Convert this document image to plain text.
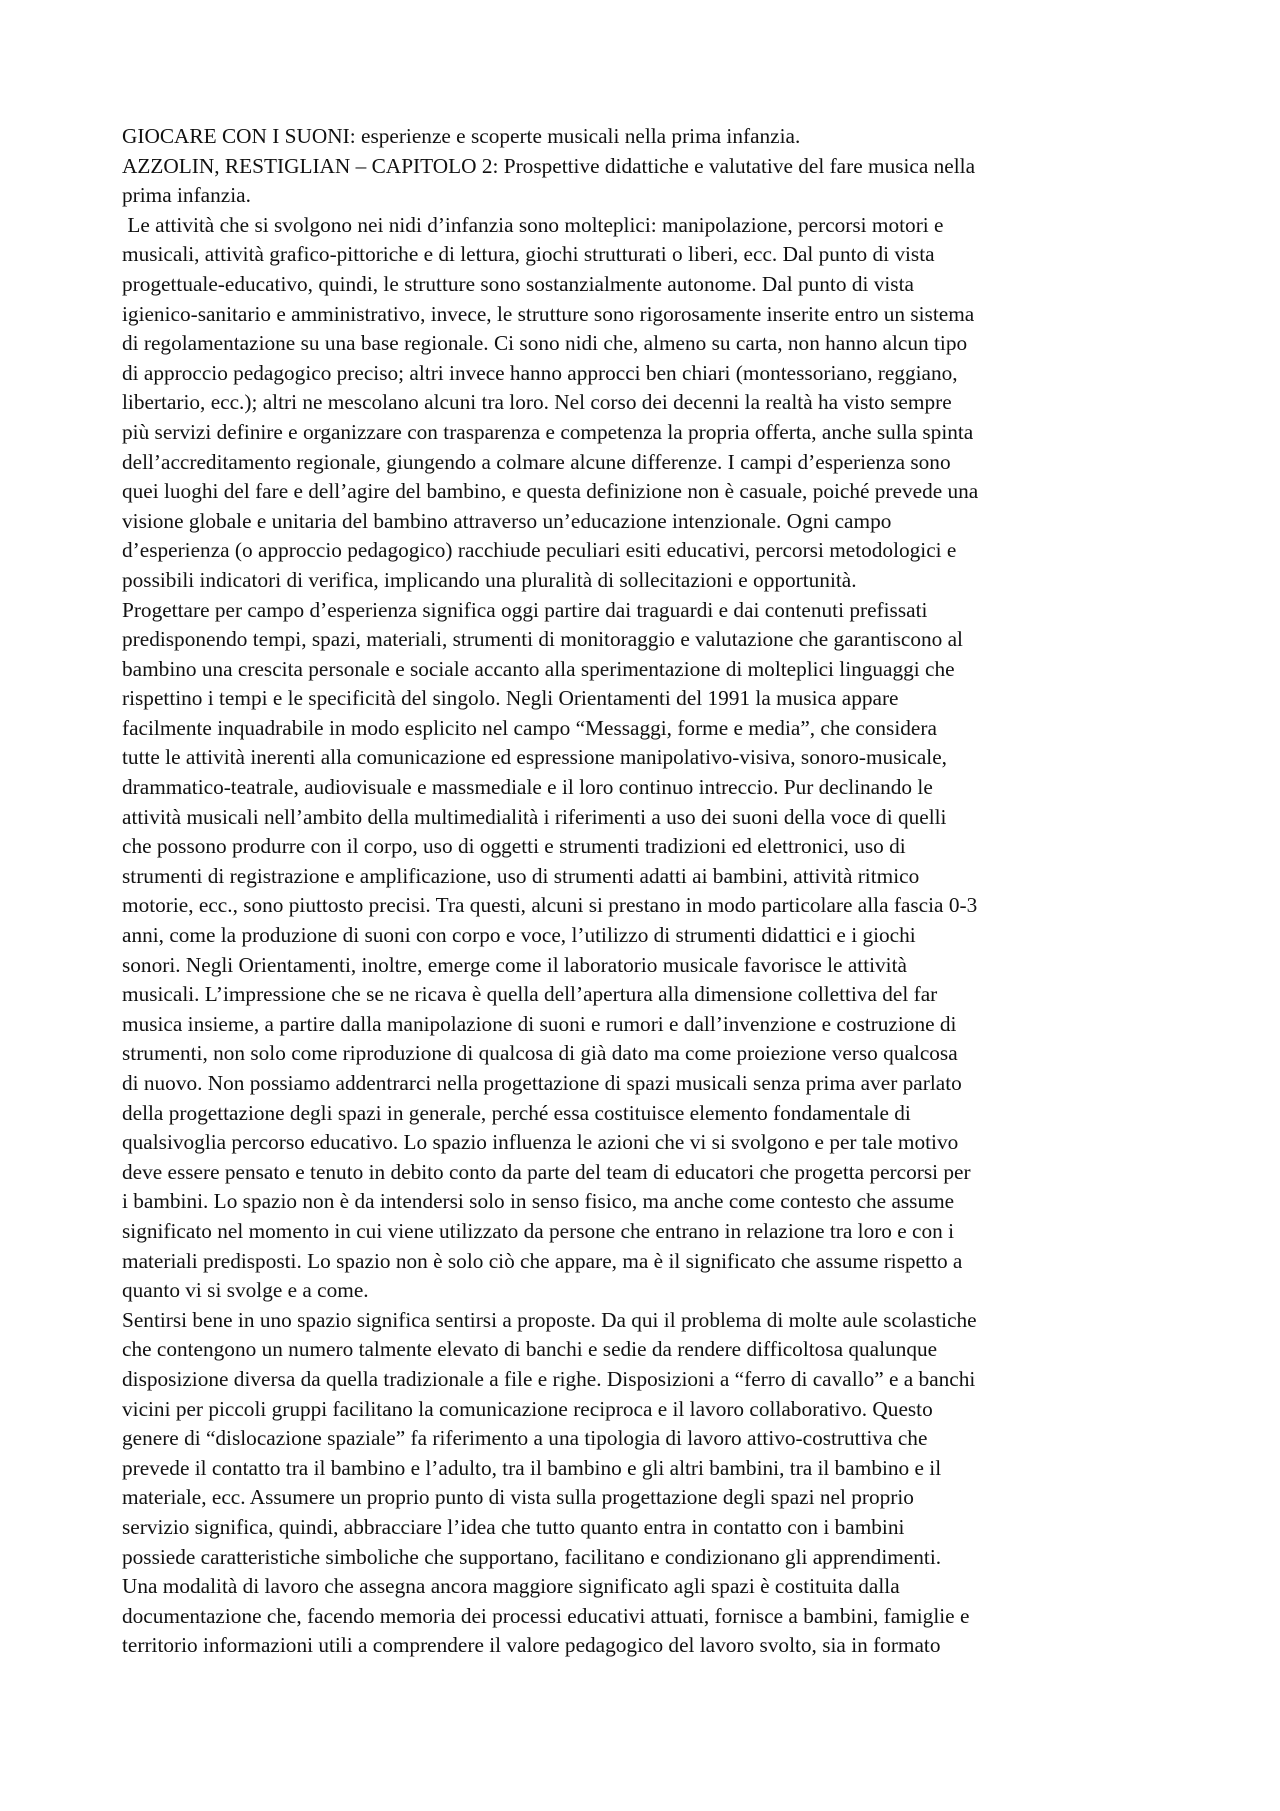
GIOCARE CON I SUONI: esperienze e scoperte musicali nella prima infanzia.
AZZOLIN, RESTIGLIAN – CAPITOLO 2: Prospettive didattiche e valutative del fare musica nella
prima infanzia.
Le attività che si svolgono nei nidi d’infanzia sono molteplici: manipolazione, percorsi motori e
musicali, attività grafico-pittoriche e di lettura, giochi strutturati o liberi, ecc. Dal punto di vista
progettuale-educativo, quindi, le strutture sono sostanzialmente autonome. Dal punto di vista
igienico-sanitario e amministrativo, invece, le strutture sono rigorosamente inserite entro un sistema
di regolamentazione su una base regionale. Ci sono nidi che, almeno su carta, non hanno alcun tipo
di approccio pedagogico preciso; altri invece hanno approcci ben chiari (montessoriano, reggiano,
libertario, ecc.); altri ne mescolano alcuni tra loro. Nel corso dei decenni la realtà ha visto sempre
più servizi definire e organizzare con trasparenza e competenza la propria offerta, anche sulla spinta
dell’accreditamento regionale, giungendo a colmare alcune differenze. I campi d’esperienza sono
quei luoghi del fare e dell’agire del bambino, e questa definizione non è casuale, poiché prevede una
visione globale e unitaria del bambino attraverso un’educazione intenzionale. Ogni campo
d’esperienza (o approccio pedagogico) racchiude peculiari esiti educativi, percorsi metodologici e
possibili indicatori di verifica, implicando una pluralità di sollecitazioni e opportunità.
Progettare per campo d’esperienza significa oggi partire dai traguardi e dai contenuti prefissati
predisponendo tempi, spazi, materiali, strumenti di monitoraggio e valutazione che garantiscono al
bambino una crescita personale e sociale accanto alla sperimentazione di molteplici linguaggi che
rispettino i tempi e le specificità del singolo. Negli Orientamenti del 1991 la musica appare
facilmente inquadrabile in modo esplicito nel campo “Messaggi, forme e media”, che considera
tutte le attività inerenti alla comunicazione ed espressione manipolativo-visiva, sonoro-musicale,
drammatico-teatrale, audiovisuale e massmediale e il loro continuo intreccio. Pur declinando le
attività musicali nell’ambito della multimedialità i riferimenti a uso dei suoni della voce di quelli
che possono produrre con il corpo, uso di oggetti e strumenti tradizioni ed elettronici, uso di
strumenti di registrazione e amplificazione, uso di strumenti adatti ai bambini, attività ritmico
motorie, ecc., sono piuttosto precisi. Tra questi, alcuni si prestano in modo particolare alla fascia 0-3
anni, come la produzione di suoni con corpo e voce, l’utilizzo di strumenti didattici e i giochi
sonori. Negli Orientamenti, inoltre, emerge come il laboratorio musicale favorisce le attività
musicali. L’impressione che se ne ricava è quella dell’apertura alla dimensione collettiva del far
musica insieme, a partire dalla manipolazione di suoni e rumori e dall’invenzione e costruzione di
strumenti, non solo come riproduzione di qualcosa di già dato ma come proiezione verso qualcosa
di nuovo. Non possiamo addentrarci nella progettazione di spazi musicali senza prima aver parlato
della progettazione degli spazi in generale, perché essa costituisce elemento fondamentale di
qualsivoglia percorso educativo. Lo spazio influenza le azioni che vi si svolgono e per tale motivo
deve essere pensato e tenuto in debito conto da parte del team di educatori che progetta percorsi per
i bambini. Lo spazio non è da intendersi solo in senso fisico, ma anche come contesto che assume
significato nel momento in cui viene utilizzato da persone che entrano in relazione tra loro e con i
materiali predisposti. Lo spazio non è solo ciò che appare, ma è il significato che assume rispetto a
quanto vi si svolge e a come.
Sentirsi bene in uno spazio significa sentirsi a proposte. Da qui il problema di molte aule scolastiche
che contengono un numero talmente elevato di banchi e sedie da rendere difficoltosa qualunque
disposizione diversa da quella tradizionale a file e righe. Disposizioni a “ferro di cavallo” e a banchi
vicini per piccoli gruppi facilitano la comunicazione reciproca e il lavoro collaborativo. Questo
genere di “dislocazione spaziale” fa riferimento a una tipologia di lavoro attivo-costruttiva che
prevede il contatto tra il bambino e l’adulto, tra il bambino e gli altri bambini, tra il bambino e il
materiale, ecc. Assumere un proprio punto di vista sulla progettazione degli spazi nel proprio
servizio significa, quindi, abbracciare l’idea che tutto quanto entra in contatto con i bambini
possiede caratteristiche simboliche che supportano, facilitano e condizionano gli apprendimenti.
Una modalità di lavoro che assegna ancora maggiore significato agli spazi è costituita dalla
documentazione che, facendo memoria dei processi educativi attuati, fornisce a bambini, famiglie e
territorio informazioni utili a comprendere il valore pedagogico del lavoro svolto, sia in formato
